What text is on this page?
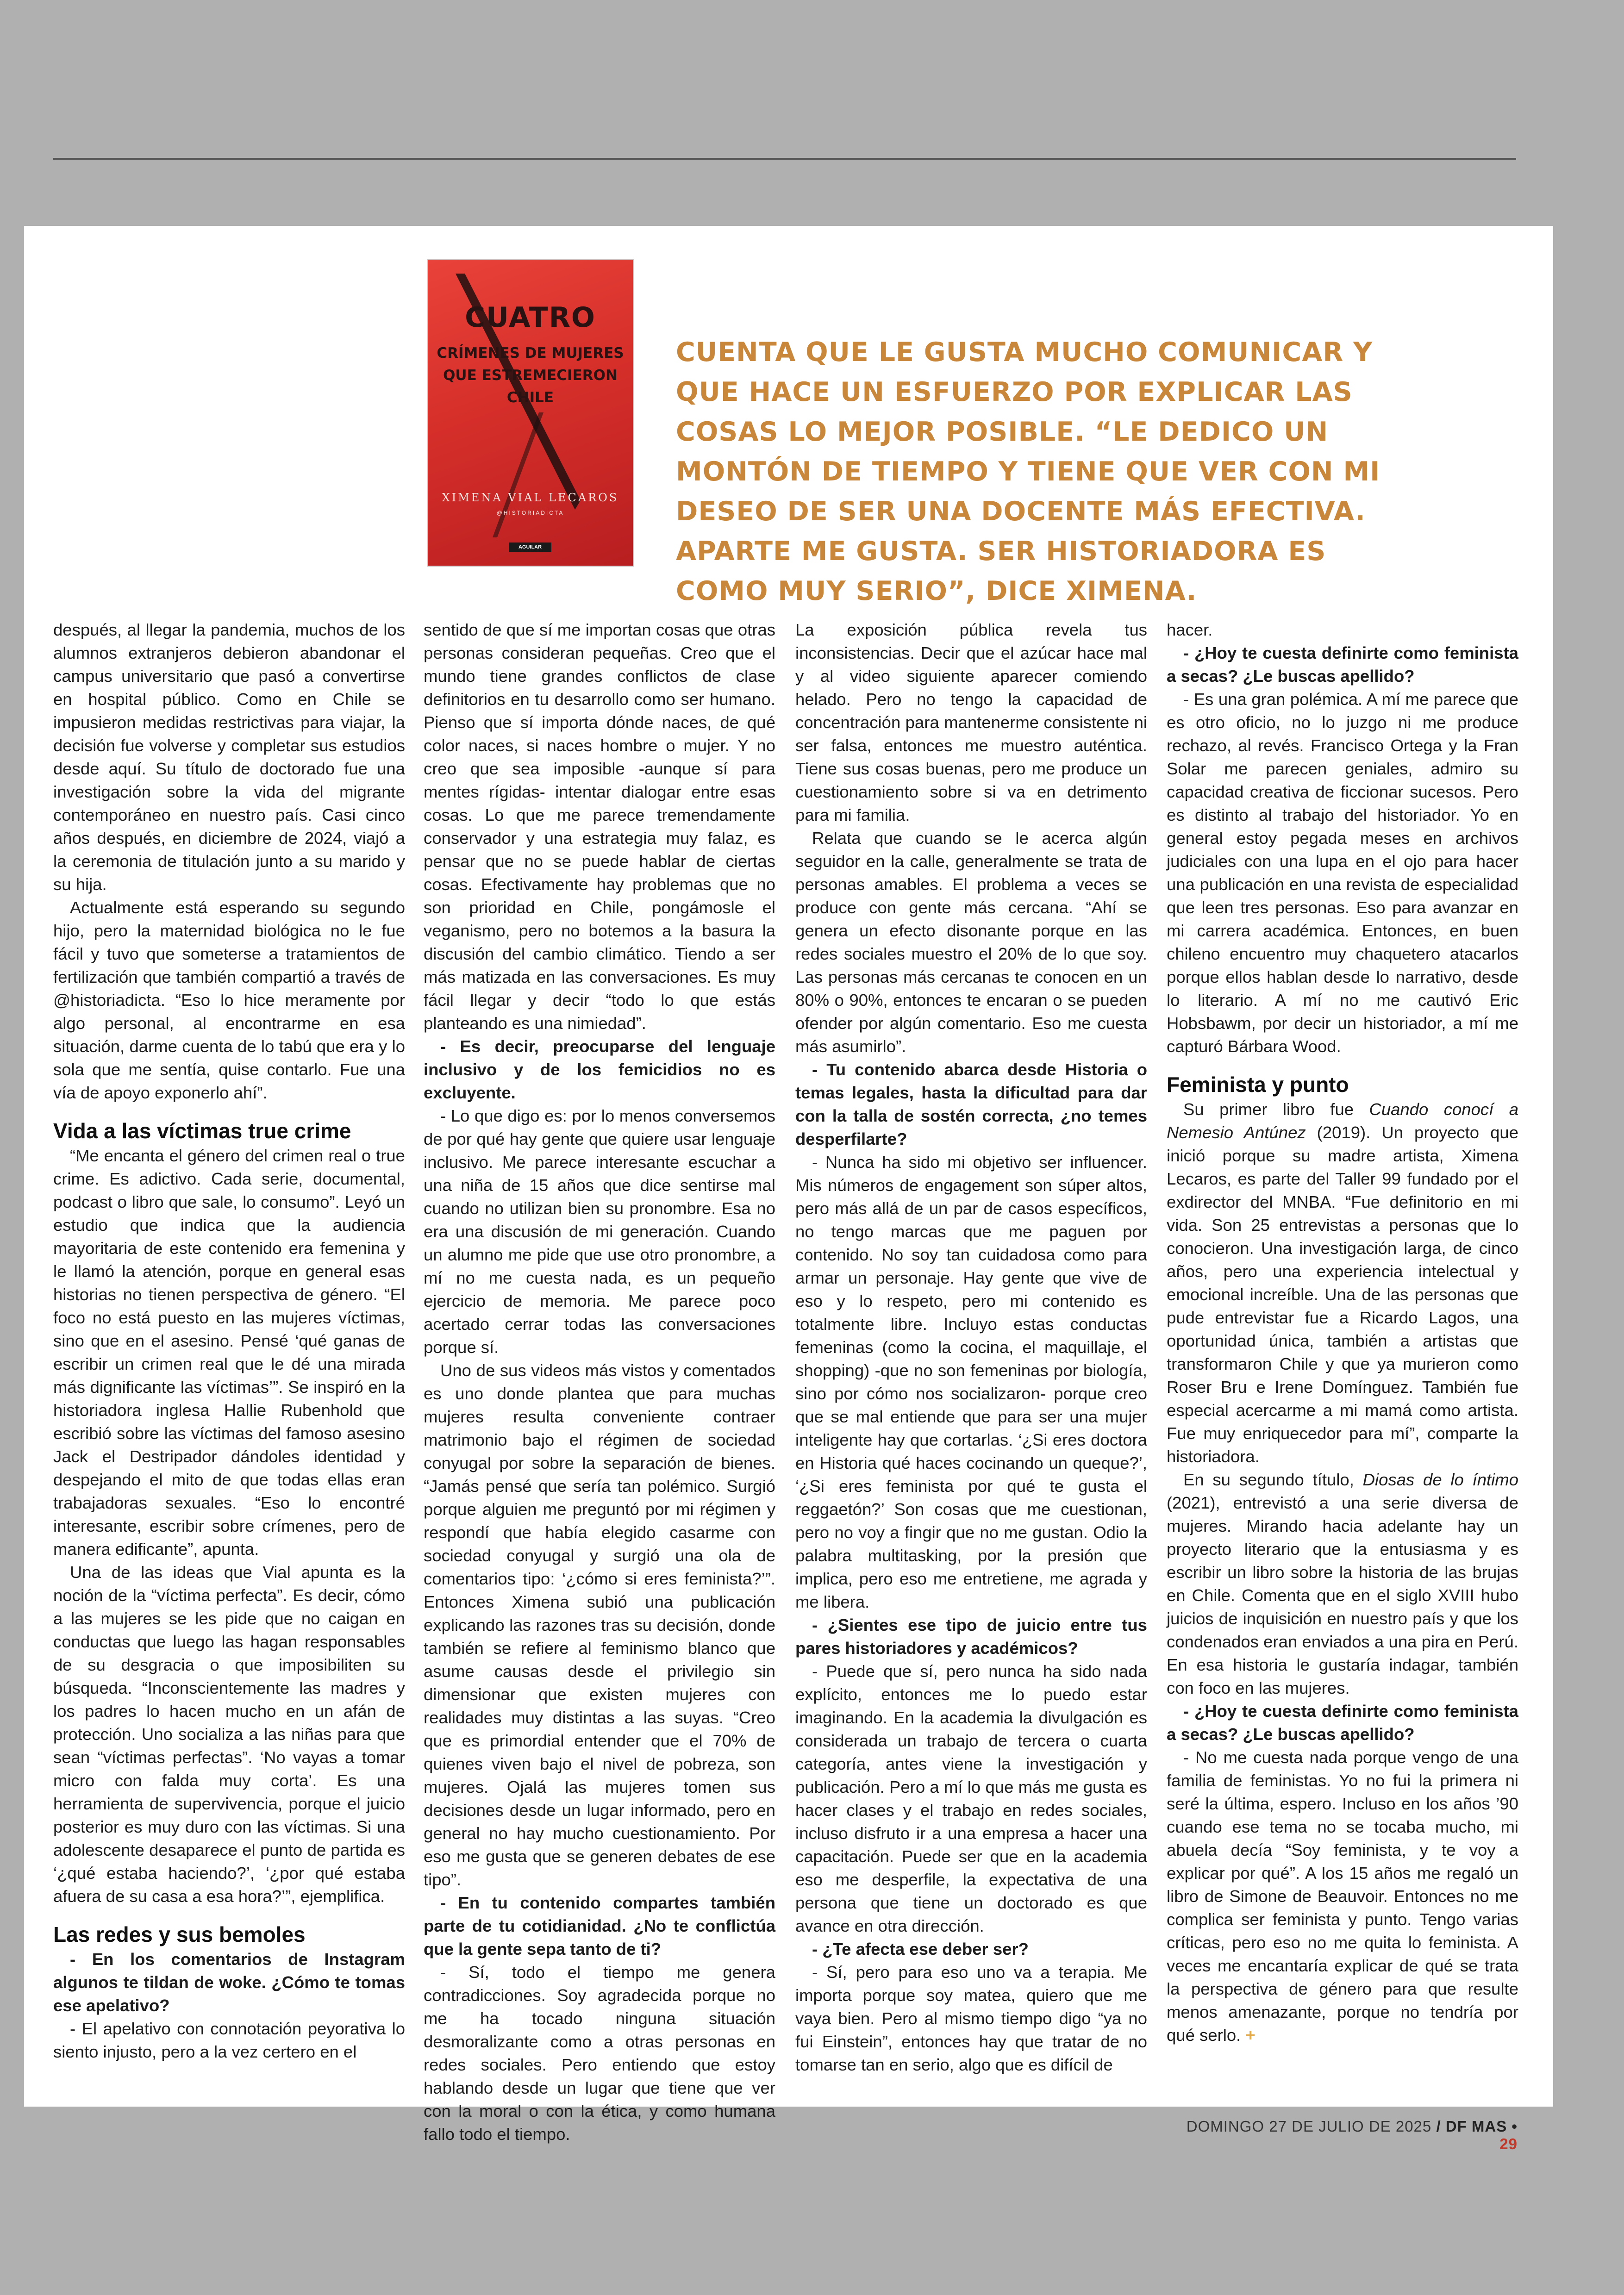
CUATRO
CRÍMENES DE MUJERES QUE ESTREMECIERON CHILE
XIMENA VIAL LECAROS
@HISTORIADICTA
AGUILAR
CUENTA QUE LE GUSTA MUCHO COMUNICAR Y QUE HACE UN ESFUERZO POR EXPLICAR LAS COSAS LO MEJOR POSIBLE. “LE DEDICO UN MONTÓN DE TIEMPO Y TIENE QUE VER CON MI DESEO DE SER UNA DOCENTE MÁS EFECTIVA. APARTE ME GUSTA. SER HISTORIADORA ES COMO MUY SERIO”, DICE XIMENA.

después, al llegar la pandemia, muchos de los alumnos extranjeros debieron abandonar el campus universitario que pasó a convertirse en hospital público. Como en Chile se impusieron medidas restrictivas para viajar, la decisión fue volverse y completar sus estudios desde aquí. Su título de doctorado fue una investigación sobre la vida del migrante contemporáneo en nuestro país. Casi cinco años después, en diciembre de 2024, viajó a la ceremonia de titulación junto a su marido y su hija.

Actualmente está esperando su segundo hijo, pero la maternidad biológica no le fue fácil y tuvo que someterse a tratamientos de fertilización que también compartió a través de @historiadicta. “Eso lo hice meramente por algo personal, al encontrarme en esa situación, darme cuenta de lo tabú que era y lo sola que me sentía, quise contarlo. Fue una vía de apoyo exponerlo ahí”.

Vida a las víctimas true crime

“Me encanta el género del crimen real o true crime. Es adictivo. Cada serie, documental, podcast o libro que sale, lo consumo”. Leyó un estudio que indica que la audiencia mayoritaria de este contenido era femenina y le llamó la atención, porque en general esas historias no tienen perspectiva de género. “El foco no está puesto en las mujeres víctimas, sino que en el asesino. Pensé ‘qué ganas de escribir un crimen real que le dé una mirada más dignificante las víctimas’”. Se inspiró en la historiadora inglesa Hallie Rubenhold que escribió sobre las víctimas del famoso asesino Jack el Destripador dándoles identidad y despejando el mito de que todas ellas eran trabajadoras sexuales. “Eso lo encontré interesante, escribir sobre crímenes, pero de manera edificante”, apunta.

Una de las ideas que Vial apunta es la noción de la “víctima perfecta”. Es decir, cómo a las mujeres se les pide que no caigan en conductas que luego las hagan responsables de su desgracia o que imposibiliten su búsqueda. “Inconscientemente las madres y los padres lo hacen mucho en un afán de protección. Uno socializa a las niñas para que sean “víctimas perfectas”. ‘No vayas a tomar micro con falda muy corta’. Es una herramienta de supervivencia, porque el juicio posterior es muy duro con las víctimas. Si una adolescente desaparece el punto de partida es ‘¿qué estaba haciendo?’, ‘¿por qué estaba afuera de su casa a esa hora?’”, ejemplifica.

Las redes y sus bemoles

- En los comentarios de Instagram algunos te tildan de woke. ¿Cómo te tomas ese apelativo?

- El apelativo con connotación peyorativa lo siento injusto, pero a la vez certero en el

sentido de que sí me importan cosas que otras personas consideran pequeñas. Creo que el mundo tiene grandes conflictos de clase definitorios en tu desarrollo como ser humano. Pienso que sí importa dónde naces, de qué color naces, si naces hombre o mujer. Y no creo que sea imposible -aunque sí para mentes rígidas- intentar dialogar entre esas cosas. Lo que me parece tremendamente conservador y una estrategia muy falaz, es pensar que no se puede hablar de ciertas cosas. Efectivamente hay problemas que no son prioridad en Chile, pongámosle el veganismo, pero no botemos a la basura la discusión del cambio climático. Tiendo a ser más matizada en las conversaciones. Es muy fácil llegar y decir “todo lo que estás planteando es una nimiedad”.

- Es decir, preocuparse del lenguaje inclusivo y de los femicidios no es excluyente.

- Lo que digo es: por lo menos conversemos de por qué hay gente que quiere usar lenguaje inclusivo. Me parece interesante escuchar a una niña de 15 años que dice sentirse mal cuando no utilizan bien su pronombre. Esa no era una discusión de mi generación. Cuando un alumno me pide que use otro pronombre, a mí no me cuesta nada, es un pequeño ejercicio de memoria. Me parece poco acertado cerrar todas las conversaciones porque sí.

Uno de sus videos más vistos y comentados es uno donde plantea que para muchas mujeres resulta conveniente contraer matrimonio bajo el régimen de sociedad conyugal por sobre la separación de bienes. “Jamás pensé que sería tan polémico. Surgió porque alguien me preguntó por mi régimen y respondí que había elegido casarme con sociedad conyugal y surgió una ola de comentarios tipo: ‘¿cómo si eres feminista?’”. Entonces Ximena subió una publicación explicando las razones tras su decisión, donde también se refiere al feminismo blanco que asume causas desde el privilegio sin dimensionar que existen mujeres con realidades muy distintas a las suyas. “Creo que es primordial entender que el 70% de quienes viven bajo el nivel de pobreza, son mujeres. Ojalá las mujeres tomen sus decisiones desde un lugar informado, pero en general no hay mucho cuestionamiento. Por eso me gusta que se generen debates de ese tipo”.

- En tu contenido compartes también parte de tu cotidianidad. ¿No te conflictúa que la gente sepa tanto de ti?

- Sí, todo el tiempo me genera contradicciones. Soy agradecida porque no me ha tocado ninguna situación desmoralizante como a otras personas en redes sociales. Pero entiendo que estoy hablando desde un lugar que tiene que ver con la moral o con la ética, y como humana fallo todo el tiempo.

La exposición pública revela tus inconsistencias. Decir que el azúcar hace mal y al video siguiente aparecer comiendo helado. Pero no tengo la capacidad de concentración para mantenerme consistente ni ser falsa, entonces me muestro auténtica. Tiene sus cosas buenas, pero me produce un cuestionamiento sobre si va en detrimento para mi familia.

Relata que cuando se le acerca algún seguidor en la calle, generalmente se trata de personas amables. El problema a veces se produce con gente más cercana. “Ahí se genera un efecto disonante porque en las redes sociales muestro el 20% de lo que soy. Las personas más cercanas te conocen en un 80% o 90%, entonces te encaran o se pueden ofender por algún comentario. Eso me cuesta más asumirlo”.

- Tu contenido abarca desde Historia o temas legales, hasta la dificultad para dar con la talla de sostén correcta, ¿no temes desperfilarte?

- Nunca ha sido mi objetivo ser influencer. Mis números de engagement son súper altos, pero más allá de un par de casos específicos, no tengo marcas que me paguen por contenido. No soy tan cuidadosa como para armar un personaje. Hay gente que vive de eso y lo respeto, pero mi contenido es totalmente libre. Incluyo estas conductas femeninas (como la cocina, el maquillaje, el shopping) -que no son femeninas por biología, sino por cómo nos socializaron- porque creo que se mal entiende que para ser una mujer inteligente hay que cortarlas. ‘¿Si eres doctora en Historia qué haces cocinando un queque?’, ‘¿Si eres feminista por qué te gusta el reggaetón?’ Son cosas que me cuestionan, pero no voy a fingir que no me gustan. Odio la palabra multitasking, por la presión que implica, pero eso me entretiene, me agrada y me libera.

- ¿Sientes ese tipo de juicio entre tus pares historiadores y académicos?

- Puede que sí, pero nunca ha sido nada explícito, entonces me lo puedo estar imaginando. En la academia la divulgación es considerada un trabajo de tercera o cuarta categoría, antes viene la investigación y publicación. Pero a mí lo que más me gusta es hacer clases y el trabajo en redes sociales, incluso disfruto ir a una empresa a hacer una capacitación. Puede ser que en la academia eso me desperfile, la expectativa de una persona que tiene un doctorado es que avance en otra dirección.

- ¿Te afecta ese deber ser?

- Sí, pero para eso uno va a terapia. Me importa porque soy matea, quiero que me vaya bien. Pero al mismo tiempo digo “ya no fui Einstein”, entonces hay que tratar de no tomarse tan en serio, algo que es difícil de

hacer.

- ¿Hoy te cuesta definirte como feminista a secas? ¿Le buscas apellido?

- Es una gran polémica. A mí me parece que es otro oficio, no lo juzgo ni me produce rechazo, al revés. Francisco Ortega y la Fran Solar me parecen geniales, admiro su capacidad creativa de ficcionar sucesos. Pero es distinto al trabajo del historiador. Yo en general estoy pegada meses en archivos judiciales con una lupa en el ojo para hacer una publicación en una revista de especialidad que leen tres personas. Eso para avanzar en mi carrera académica. Entonces, en buen chileno encuentro muy chaquetero atacarlos porque ellos hablan desde lo narrativo, desde lo literario. A mí no me cautivó Eric Hobsbawm, por decir un historiador, a mí me capturó Bárbara Wood.

Feminista y punto

Su primer libro fue Cuando conocí a Nemesio Antúnez (2019). Un proyecto que inició porque su madre artista, Ximena Lecaros, es parte del Taller 99 fundado por el exdirector del MNBA. “Fue definitorio en mi vida. Son 25 entrevistas a personas que lo conocieron. Una investigación larga, de cinco años, pero una experiencia intelectual y emocional increíble. Una de las personas que pude entrevistar fue a Ricardo Lagos, una oportunidad única, también a artistas que transformaron Chile y que ya murieron como Roser Bru e Irene Domínguez. También fue especial acercarme a mi mamá como artista. Fue muy enriquecedor para mí”, comparte la historiadora.

En su segundo título, Diosas de lo íntimo (2021), entrevistó a una serie diversa de mujeres. Mirando hacia adelante hay un proyecto literario que la entusiasma y es escribir un libro sobre la historia de las brujas en Chile. Comenta que en el siglo XVIII hubo juicios de inquisición en nuestro país y que los condenados eran enviados a una pira en Perú. En esa historia le gustaría indagar, también con foco en las mujeres.

- ¿Hoy te cuesta definirte como feminista a secas? ¿Le buscas apellido?

- No me cuesta nada porque vengo de una familia de feministas. Yo no fui la primera ni seré la última, espero. Incluso en los años ’90 cuando ese tema no se tocaba mucho, mi abuela decía “Soy feminista, y te voy a explicar por qué”. A los 15 años me regaló un libro de Simone de Beauvoir. Entonces no me complica ser feminista y punto. Tengo varias críticas, pero eso no me quita lo feminista. A veces me encantaría explicar de qué se trata la perspectiva de género para que resulte menos amenazante, porque no tendría por qué serlo. +

DOMINGO 27 DE JULIO DE 2025 / DF MAS • 29
